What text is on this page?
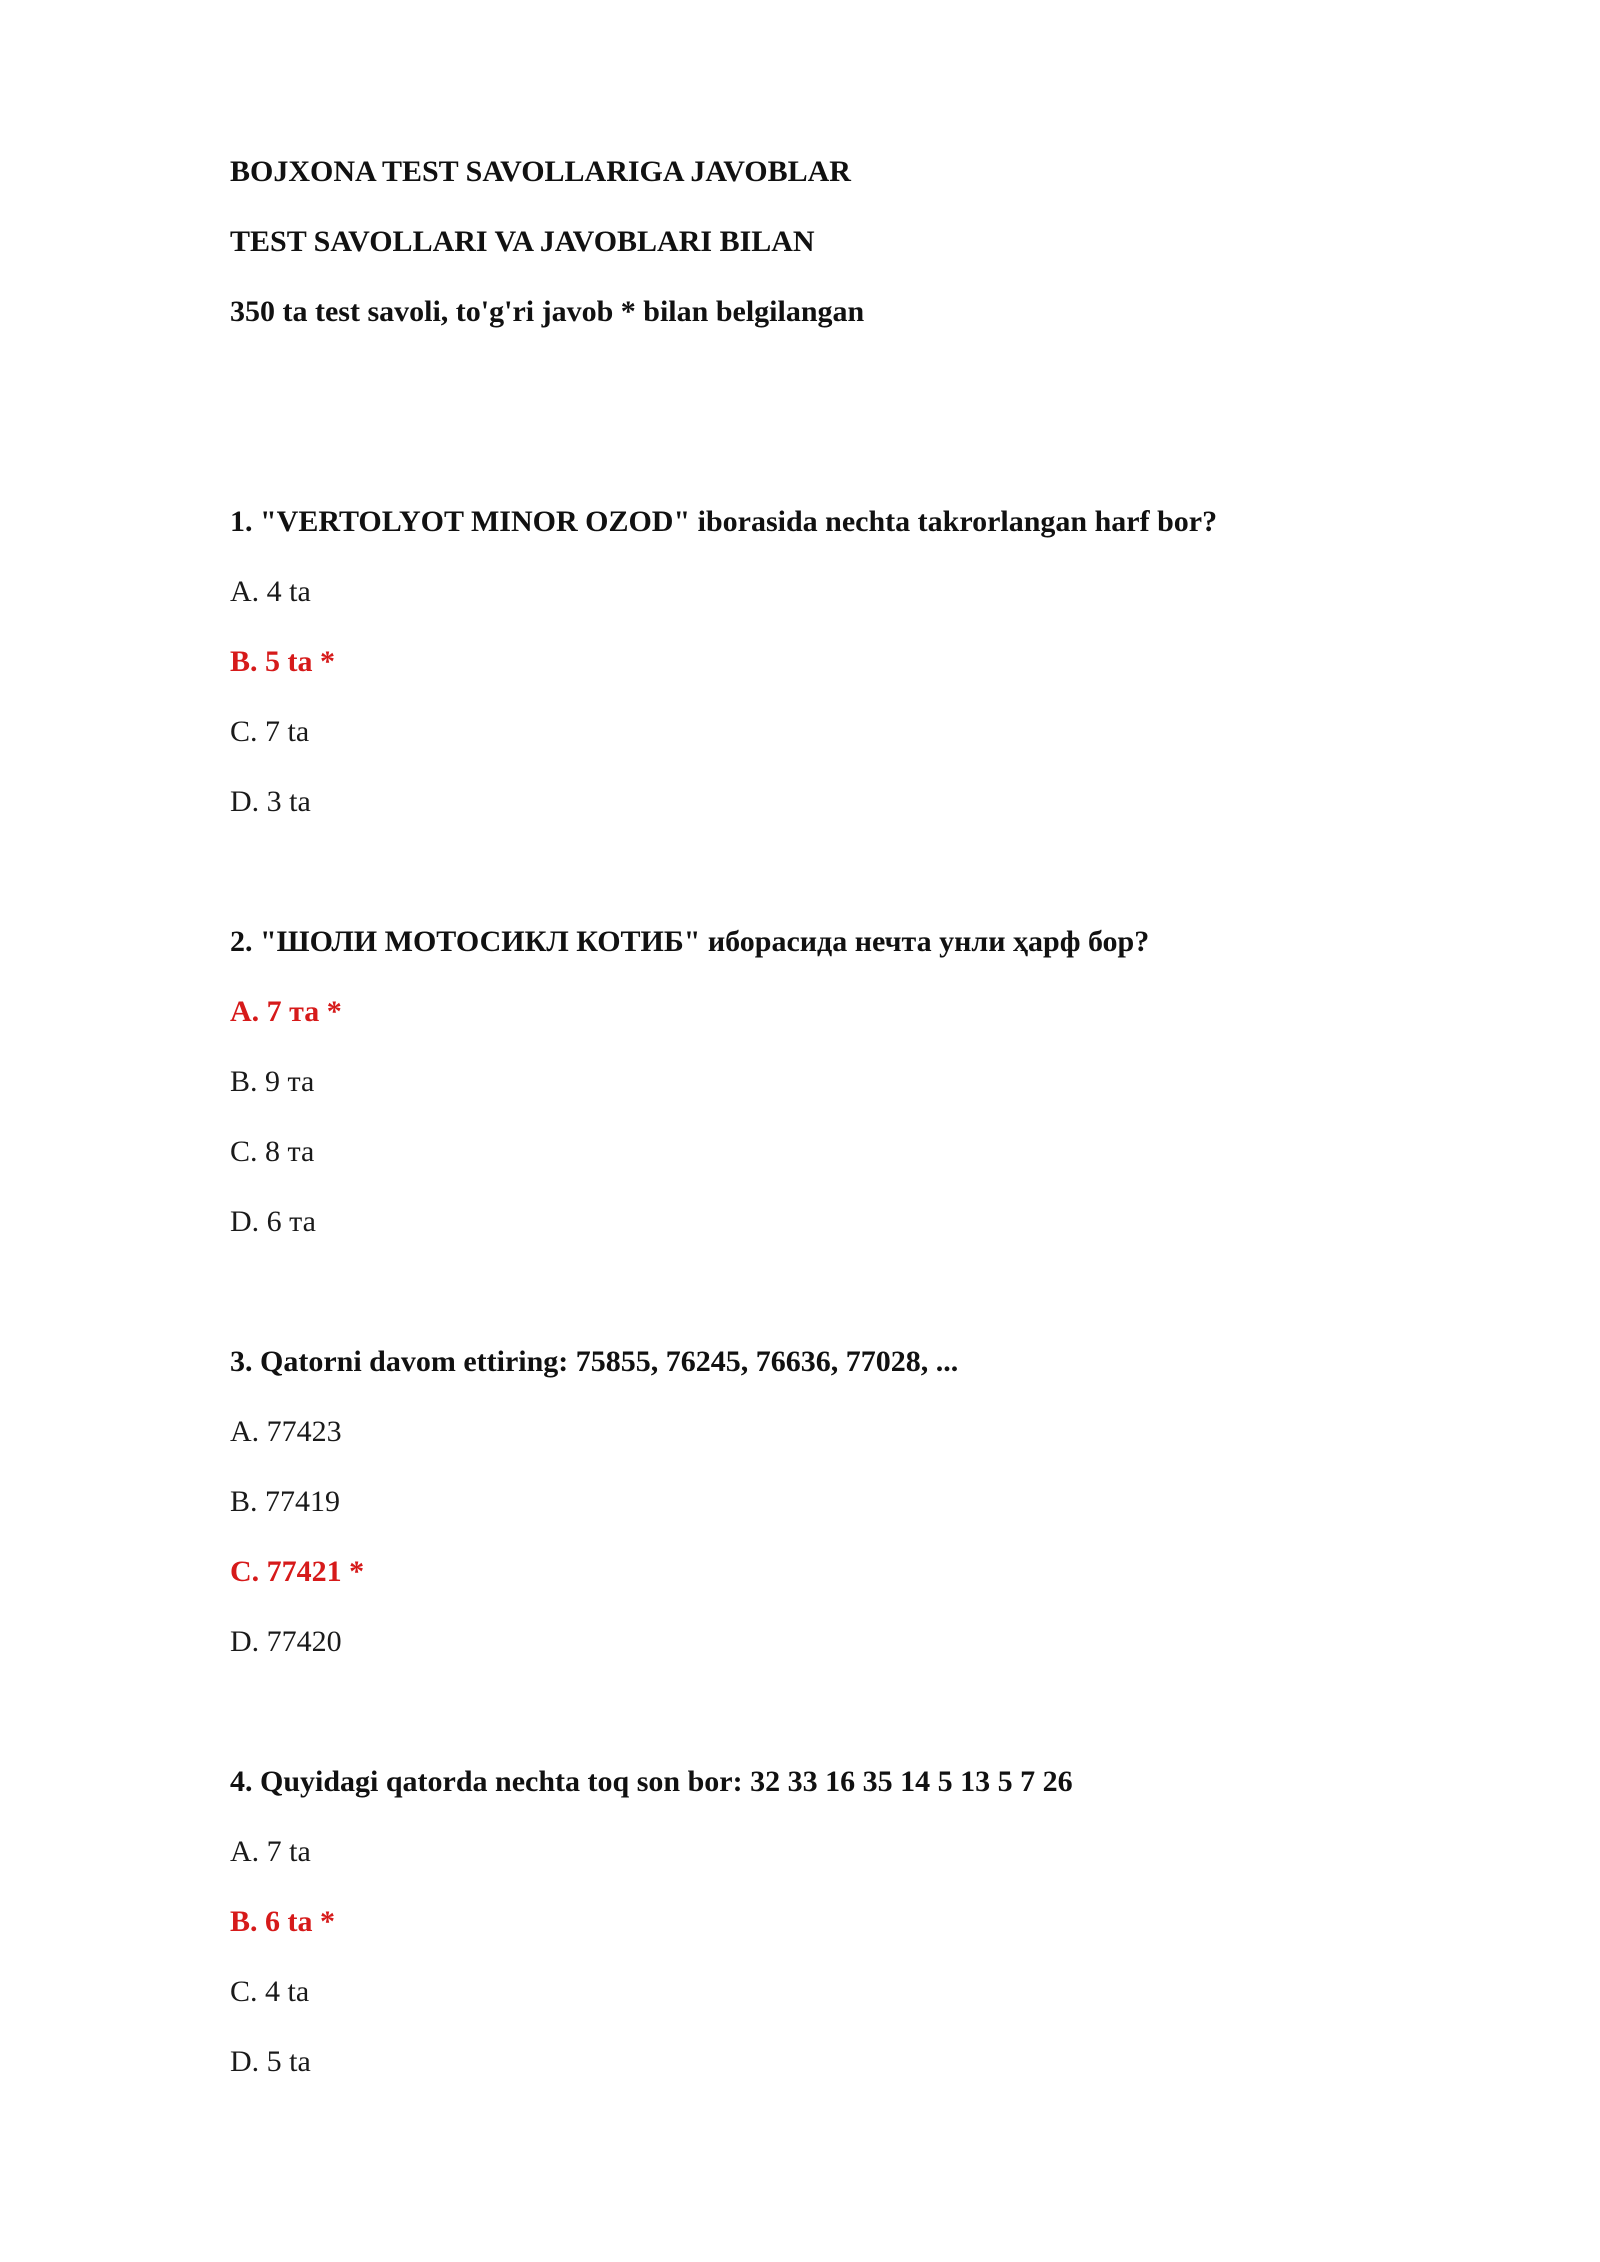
BOJXONA TEST SAVOLLARIGA JAVOBLAR
TEST SAVOLLARI VA JAVOBLARI BILAN
350 ta test savoli, to'g'ri javob * bilan belgilangan
1. "VERTOLYOT MINOR OZOD" iborasida nechta takrorlangan harf bor?
A. 4 ta
B. 5 ta *
C. 7 ta
D. 3 ta
2. "ШОЛИ МОТОСИКЛ КОТИБ" иборасида нечта унли ҳарф бор?
A. 7 та *
B. 9 та
C. 8 та
D. 6 та
3. Qatorni davom ettiring: 75855, 76245, 76636, 77028, ...
A. 77423
B. 77419
C. 77421 *
D. 77420
4. Quyidagi qatorda nechta toq son bor: 32 33 16 35 14 5 13 5 7 26
A. 7 ta
B. 6 ta *
C. 4 ta
D. 5 ta
